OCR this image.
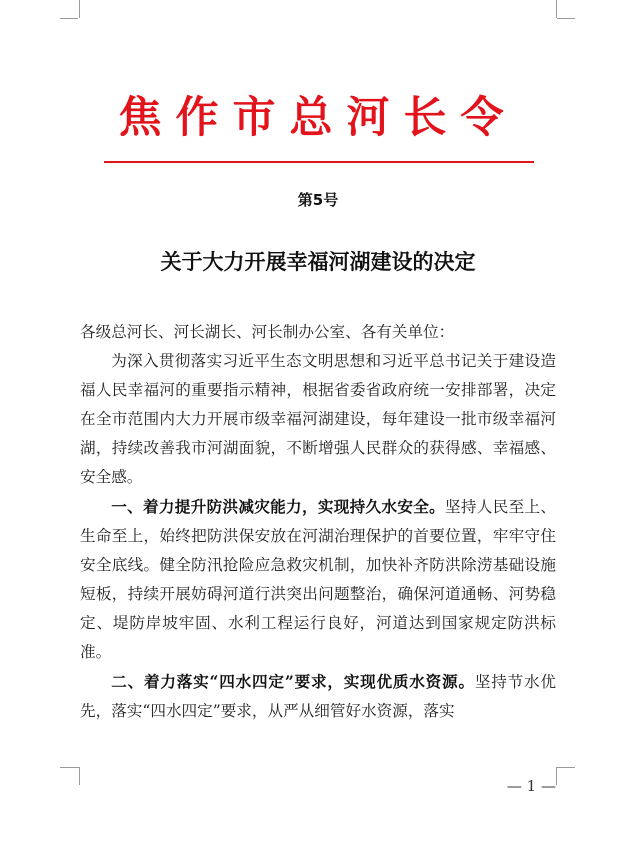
焦作市总河长令
第5号
关于大力开展幸福河湖建设的决定

各级总河长、河长湖长、河长制办公室、各有关单位：

为深入贯彻落实习近平生态文明思想和习近平总书记关于建设造福人民幸福河的重要指示精神，根据省委省政府统一安排部署，决定在全市范围内大力开展市级幸福河湖建设，每年建设一批市级幸福河湖，持续改善我市河湖面貌，不断增强人民群众的获得感、幸福感、安全感。

一、着力提升防洪减灾能力，实现持久水安全。坚持人民至上、生命至上，始终把防洪保安放在河湖治理保护的首要位置，牢牢守住安全底线。健全防汛抢险应急救灾机制，加快补齐防洪除涝基础设施短板，持续开展妨碍河道行洪突出问题整治，确保河道通畅、河势稳定、堤防岸坡牢固、水利工程运行良好，河道达到国家规定防洪标准。

二、着力落实“四水四定”要求，实现优质水资源。坚持节水优先，落实“四水四定”要求，从严从细管好水资源，落实

— 1 —
